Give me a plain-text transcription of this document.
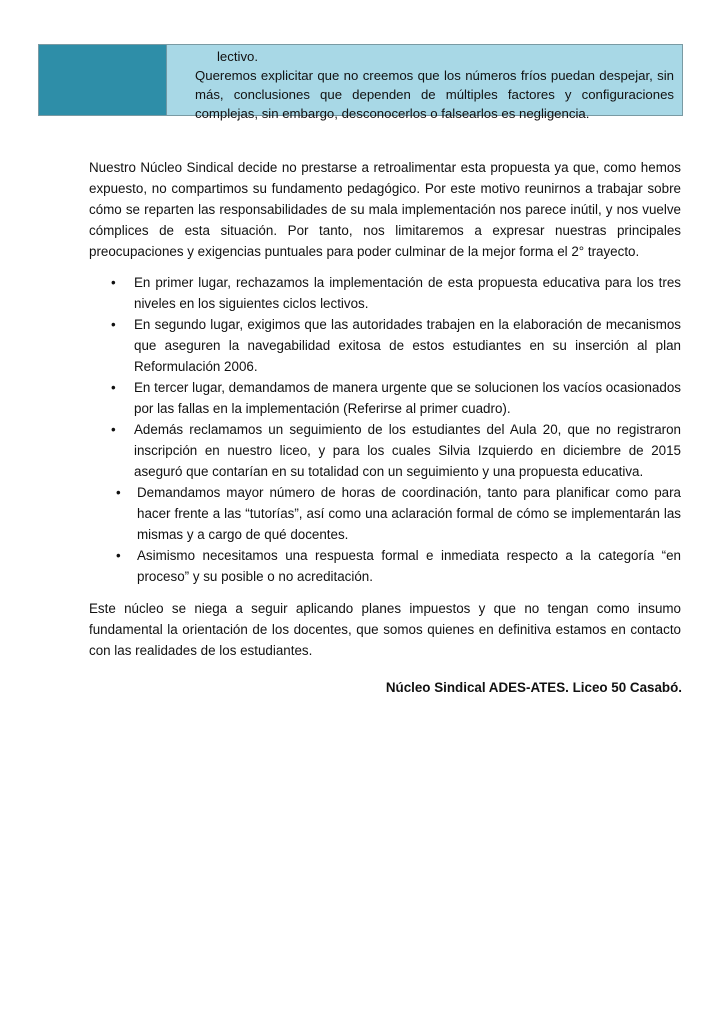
lectivo.
Queremos explicitar que no creemos que los números fríos puedan despejar, sin más, conclusiones que dependen de múltiples factores y configuraciones complejas, sin embargo, desconocerlos o falsearlos es negligencia.

Nuestro Núcleo Sindical decide no prestarse a retroalimentar esta propuesta ya que, como hemos expuesto, no compartimos su fundamento pedagógico. Por este motivo reunirnos a trabajar sobre cómo se reparten las responsabilidades de su mala implementación nos parece inútil, y nos vuelve cómplices de esta situación. Por tanto, nos limitaremos a expresar nuestras principales preocupaciones y exigencias puntuales para poder culminar de la mejor forma el 2° trayecto.

• En primer lugar, rechazamos la implementación de esta propuesta educativa para los tres niveles en los siguientes ciclos lectivos.
• En segundo lugar, exigimos que las autoridades trabajen en la elaboración de mecanismos que aseguren la navegabilidad exitosa de estos estudiantes en su inserción al plan Reformulación 2006.
• En tercer lugar, demandamos de manera urgente que se solucionen los vacíos ocasionados por las fallas en la implementación (Referirse al primer cuadro).
• Además reclamamos un seguimiento de los estudiantes del Aula 20, que no registraron inscripción en nuestro liceo, y para los cuales Silvia Izquierdo en diciembre de 2015 aseguró que contarían en su totalidad con un seguimiento y una propuesta educativa.
• Demandamos mayor número de horas de coordinación, tanto para planificar como para hacer frente a las “tutorías”, así como una aclaración formal de cómo se implementarán las mismas y a cargo de qué docentes.
• Asimismo necesitamos una respuesta formal e inmediata respecto a la categoría “en proceso” y su posible o no acreditación.

Este núcleo se niega a seguir aplicando planes impuestos y que no tengan como insumo fundamental la orientación de los docentes, que somos quienes en definitiva estamos en contacto con las realidades de los estudiantes.

Núcleo Sindical ADES-ATES. Liceo 50 Casabó.
